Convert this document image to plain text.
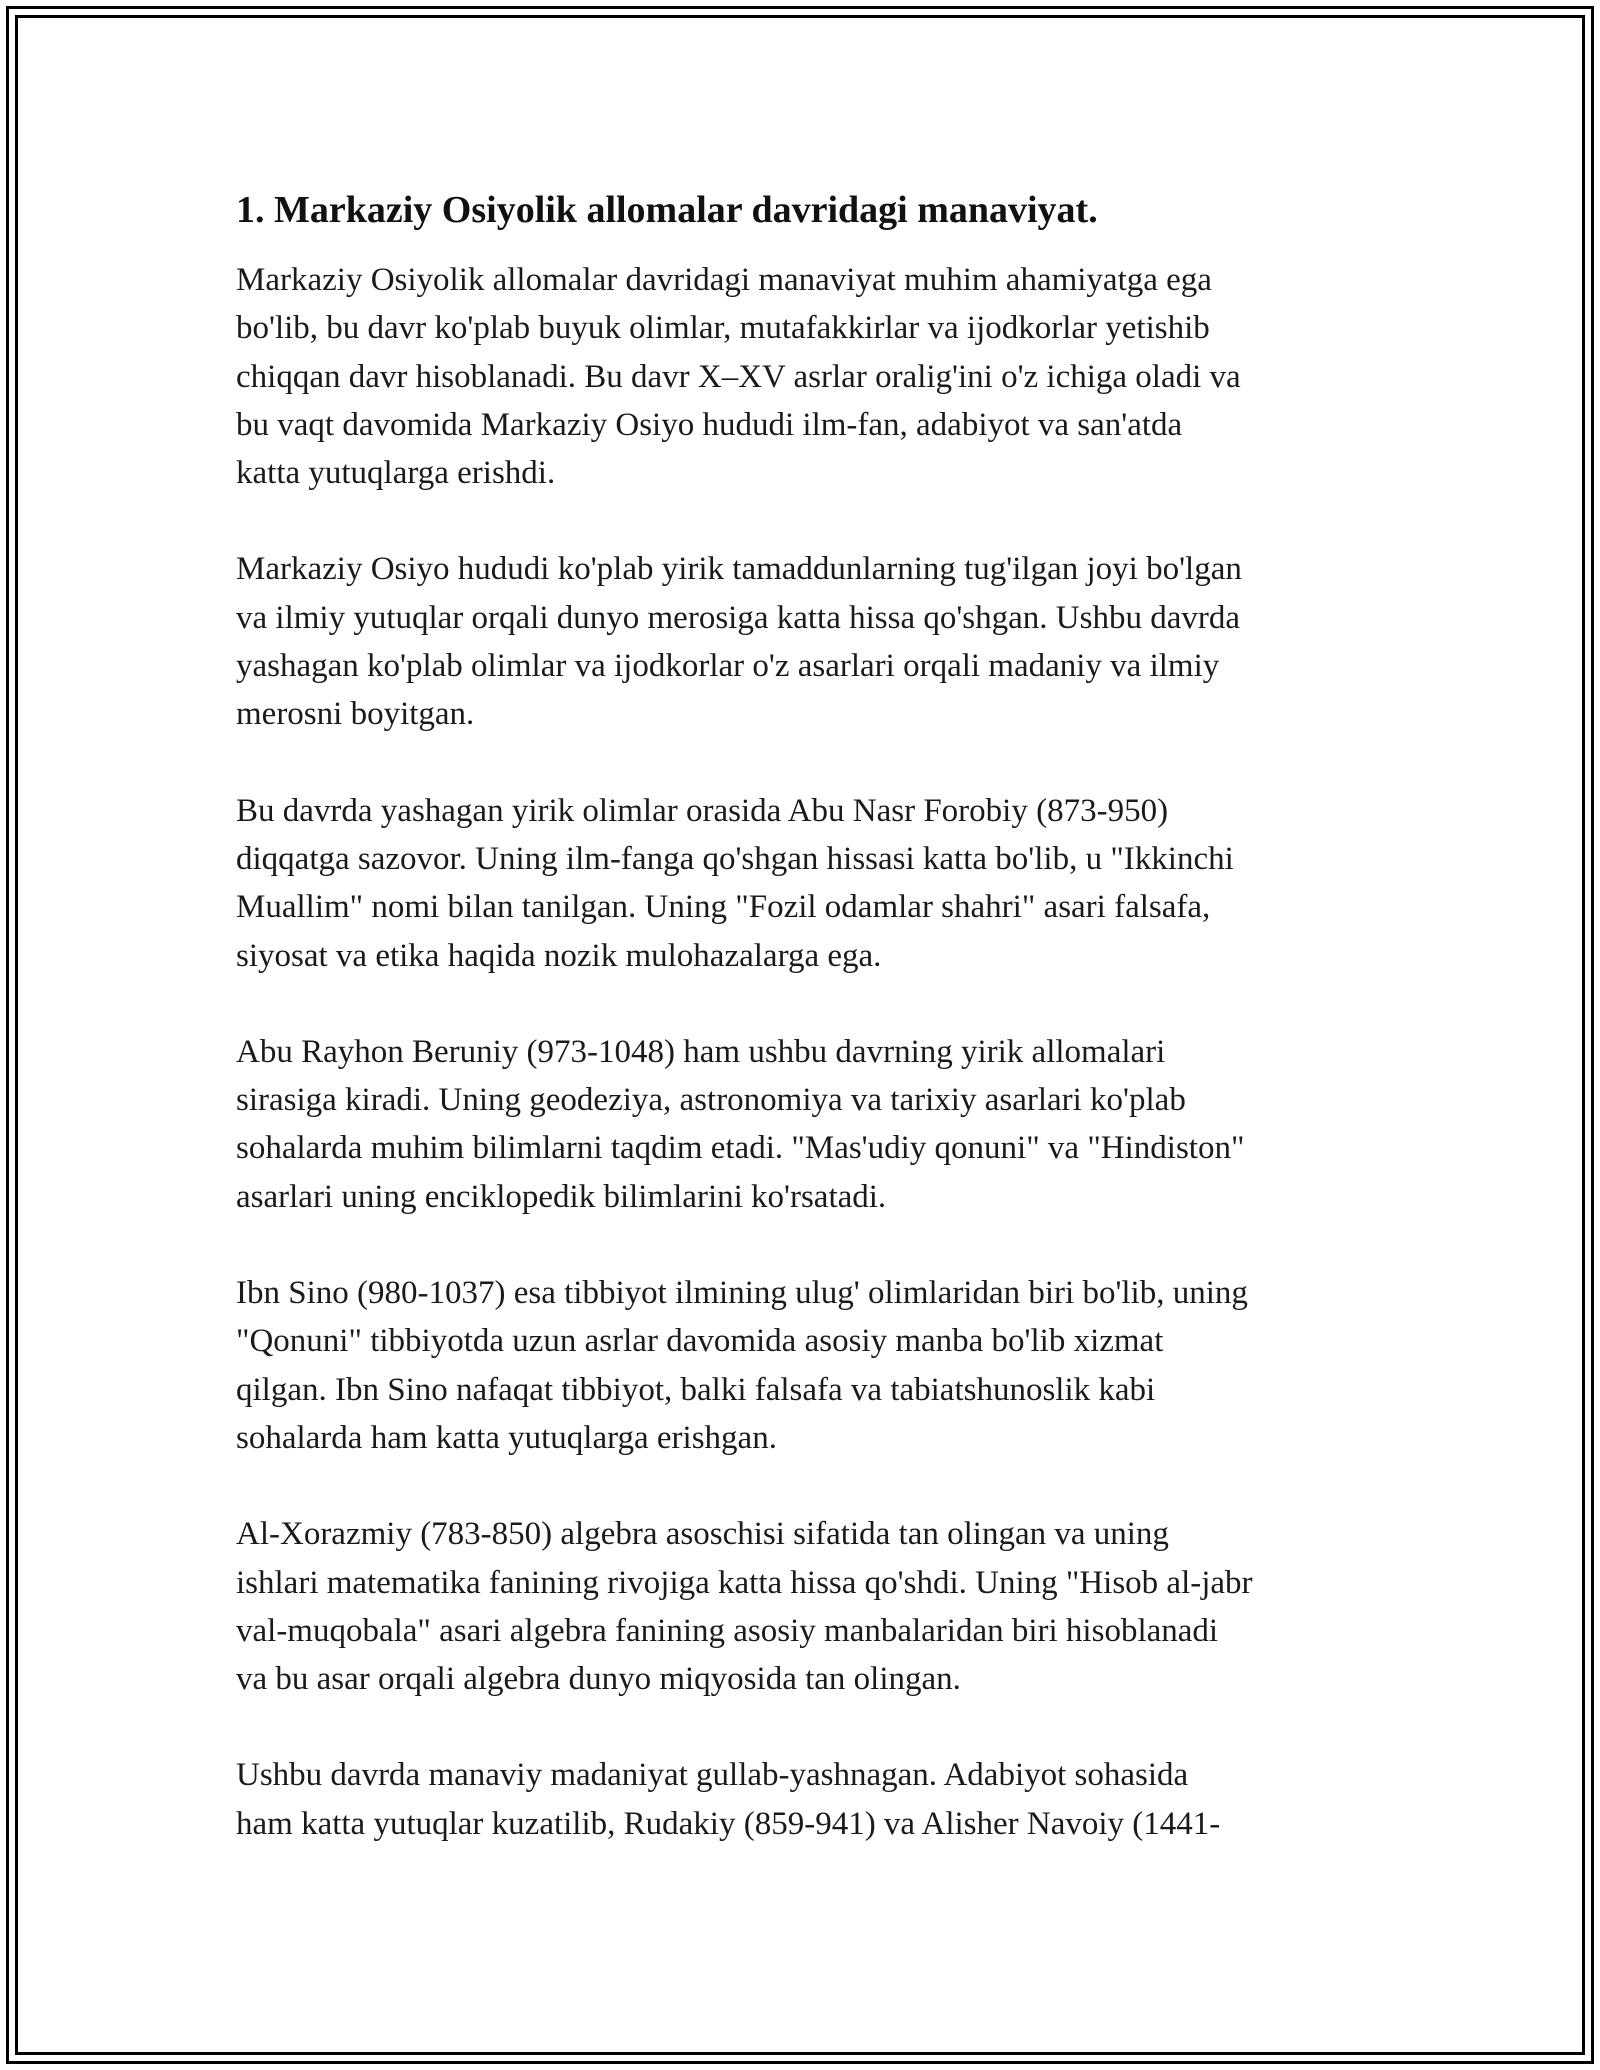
1. Markaziy Osiyolik allomalar davridagi manaviyat.

Markaziy Osiyolik allomalar davridagi manaviyat muhim ahamiyatga ega
bo'lib, bu davr ko'plab buyuk olimlar, mutafakkirlar va ijodkorlar yetishib
chiqqan davr hisoblanadi. Bu davr X–XV asrlar oralig'ini o'z ichiga oladi va
bu vaqt davomida Markaziy Osiyo hududi ilm-fan, adabiyot va san'atda
katta yutuqlarga erishdi.

Markaziy Osiyo hududi ko'plab yirik tamaddunlarning tug'ilgan joyi bo'lgan
va ilmiy yutuqlar orqali dunyo merosiga katta hissa qo'shgan. Ushbu davrda
yashagan ko'plab olimlar va ijodkorlar o'z asarlari orqali madaniy va ilmiy
merosni boyitgan.

Bu davrda yashagan yirik olimlar orasida Abu Nasr Forobiy (873-950)
diqqatga sazovor. Uning ilm-fanga qo'shgan hissasi katta bo'lib, u "Ikkinchi
Muallim" nomi bilan tanilgan. Uning "Fozil odamlar shahri" asari falsafa,
siyosat va etika haqida nozik mulohazalarga ega.

Abu Rayhon Beruniy (973-1048) ham ushbu davrning yirik allomalari
sirasiga kiradi. Uning geodeziya, astronomiya va tarixiy asarlari ko'plab
sohalarda muhim bilimlarni taqdim etadi. "Mas'udiy qonuni" va "Hindiston"
asarlari uning enciklopedik bilimlarini ko'rsatadi.

Ibn Sino (980-1037) esa tibbiyot ilmining ulug' olimlaridan biri bo'lib, uning
"Qonuni" tibbiyotda uzun asrlar davomida asosiy manba bo'lib xizmat
qilgan. Ibn Sino nafaqat tibbiyot, balki falsafa va tabiatshunoslik kabi
sohalarda ham katta yutuqlarga erishgan.

Al-Xorazmiy (783-850) algebra asoschisi sifatida tan olingan va uning
ishlari matematika fanining rivojiga katta hissa qo'shdi. Uning "Hisob al-jabr
val-muqobala" asari algebra fanining asosiy manbalaridan biri hisoblanadi
va bu asar orqali algebra dunyo miqyosida tan olingan.

Ushbu davrda manaviy madaniyat gullab-yashnagan. Adabiyot sohasida
ham katta yutuqlar kuzatilib, Rudakiy (859-941) va Alisher Navoiy (1441-
